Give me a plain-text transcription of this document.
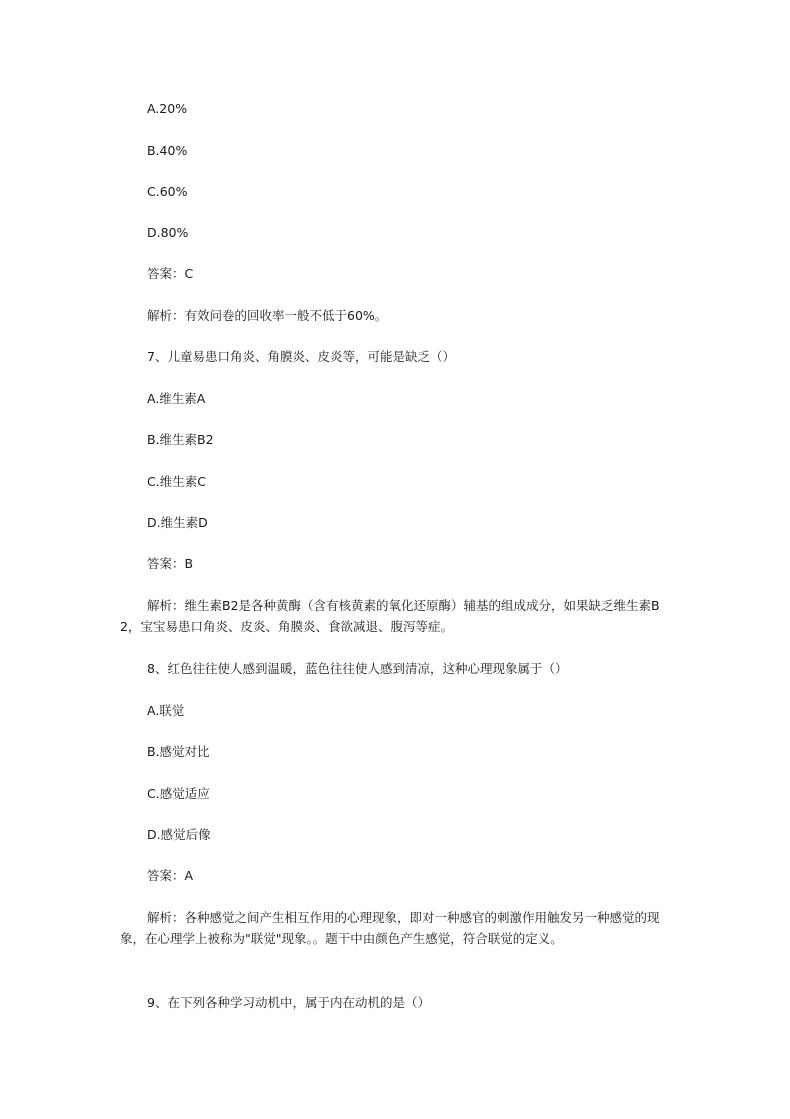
A.20%
B.40%
C.60%
D.80%
答案：C
解析：有效问卷的回收率一般不低于60%。
7、儿童易患口角炎、角膜炎、皮炎等，可能是缺乏（）
A.维生素A
B.维生素B2
C.维生素C
D.维生素D
答案：B
解析：维生素B2是各种黄酶（含有核黄素的氧化还原酶）辅基的组成成分，如果缺乏维生素B2，宝宝易患口角炎、皮炎、角膜炎、食欲减退、腹泻等症。
8、红色往往使人感到温暖，蓝色往往使人感到清凉，这种心理现象属于（）
A.联觉
B.感觉对比
C.感觉适应
D.感觉后像
答案：A
解析：各种感觉之间产生相互作用的心理现象，即对一种感官的刺激作用触发另一种感觉的现象，在心理学上被称为"联觉"现象。。题干中由颜色产生感觉，符合联觉的定义。
9、在下列各种学习动机中，属于内在动机的是（）
